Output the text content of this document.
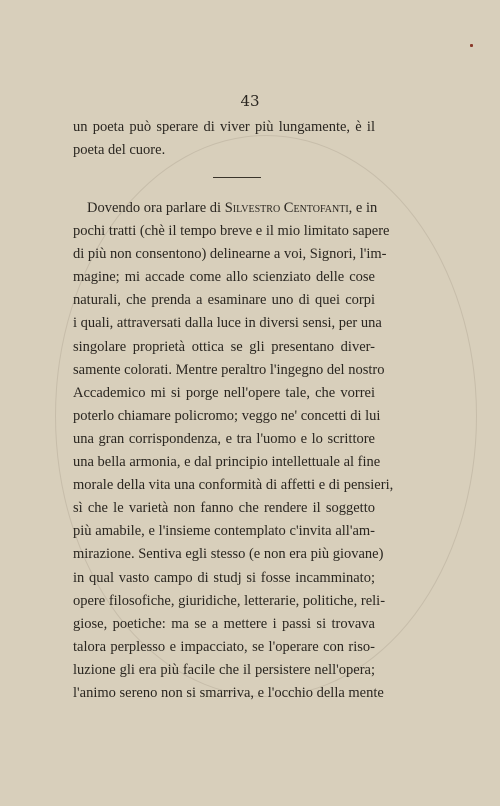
43
un poeta può sperare di viver più lungamente, è il
poeta del cuore.
Dovendo ora parlare di Silvestro Centofanti, e in
pochi tratti (chè il tempo breve e il mio limitato sapere
di più non consentono) delinearne a voi, Signori, l'im-
magine; mi accade come allo scienziato delle cose
naturali, che prenda a esaminare uno di quei corpi
i quali, attraversati dalla luce in diversi sensi, per una
singolare proprietà ottica se gli presentano diver-
samente colorati. Mentre peraltro l'ingegno del nostro
Accademico mi si porge nell'opere tale, che vorrei
poterlo chiamare policromo; veggo ne' concetti di lui
una gran corrispondenza, e tra l'uomo e lo scrittore
una bella armonia, e dal principio intellettuale al fine
morale della vita una conformità di affetti e di pensieri,
sì che le varietà non fanno che rendere il soggetto
più amabile, e l'insieme contemplato c'invita all'am-
mirazione. Sentiva egli stesso (e non era più giovane)
in qual vasto campo di studj si fosse incamminato;
opere filosofiche, giuridiche, letterarie, politiche, reli-
giose, poetiche: ma se a mettere i passi si trovava
talora perplesso e impacciato, se l'operare con riso-
luzione gli era più facile che il persistere nell'opera;
l'animo sereno non si smarriva, e l'occhio della mente
